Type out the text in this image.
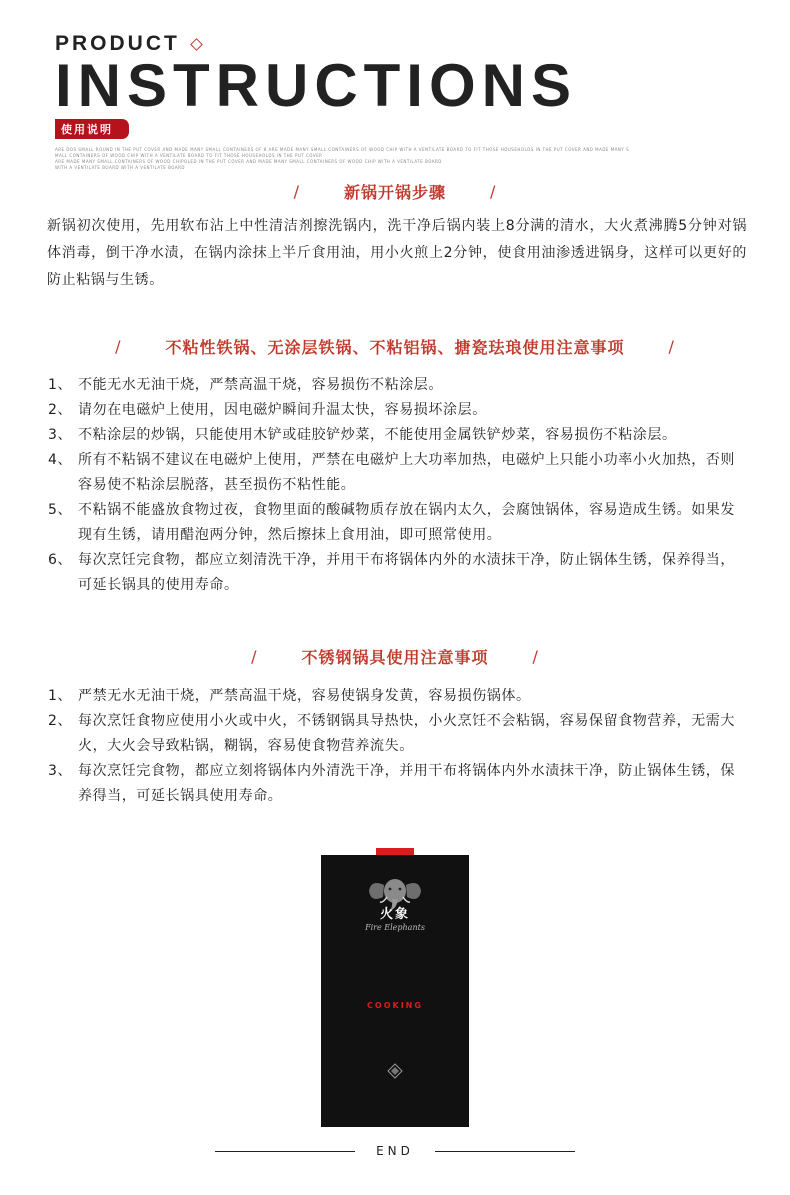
PRODUCT
INSTRUCTIONS
使用说明
ARE DOS SMALL ROUND IN THE PUT COVER AND MADE MANY SMALL CONTAINERS OF 8 ARE MADE MANY SMALL CONTAINERS OF WOOD CHIP WITH A VENTILATE BOARD TO FIT THOSE HOUSEHOLDS IN THE PUT COVER AND MADE MANY S
MALL CONTAINERS OF WOOD CHIP WITH A VENTILATE BOARD TO FIT THOSE HOUSEHOLDS IN THE PUT COVER
ARE MADE MANY SMALL CONTAINERS OF WOOD CHIPOLED IN THE PUT COVER AND MADE MANY SMALL CONTAINERS OF WOOD CHIP WITH A VENTILATE BOARD
WITH A VENTILATE BOARD WITH A VENTILATE BOARD
/	新锅开锅步骤	/
新锅初次使用，先用软布沾上中性清洁剂擦洗锅内，洗干净后锅内装上8分满的清水，大火煮沸腾5分钟对锅体消毒，倒干净水渍，在锅内涂抹上半斤食用油，用小火煎上2分钟，使食用油渗透进锅身，这样可以更好的防止粘锅与生锈。
/	不粘性铁锅、无涂层铁锅、不粘铝锅、搪瓷珐琅使用注意事项	/
1、 不能无水无油干烧，严禁高温干烧，容易损伤不粘涂层。
2、 请勿在电磁炉上使用，因电磁炉瞬间升温太快，容易损坏涂层。
3、 不粘涂层的炒锅，只能使用木铲或硅胶铲炒菜，不能使用金属铁铲炒菜，容易损伤不粘涂层。
4、 所有不粘锅不建议在电磁炉上使用，严禁在电磁炉上大功率加热，电磁炉上只能小功率小火加热，否则容易使不粘涂层脱落，甚至损伤不粘性能。
5、 不粘锅不能盛放食物过夜，食物里面的酸碱物质存放在锅内太久，会腐蚀锅体，容易造成生锈。如果发现有生锈，请用醋泡两分钟，然后擦抹上食用油，即可照常使用。
6、 每次烹饪完食物，都应立刻清洗干净，并用干布将锅体内外的水渍抹干净，防止锅体生锈，保养得当，可延长锅具的使用寿命。
/	不锈钢锅具使用注意事项	/
1、 严禁无水无油干烧，严禁高温干烧，容易使锅身发黄，容易损伤锅体。
2、 每次烹饪食物应使用小火或中火，不锈钢锅具导热快，小火烹饪不会粘锅，容易保留食物营养，无需大火，大火会导致粘锅，糊锅，容易使食物营养流失。
3、 每次烹饪完食物，都应立刻将锅体内外清洗干净，并用干布将锅体内外水渍抹干净，防止锅体生锈，保养得当，可延长锅具使用寿命。
火象
Fire Elephants
COOKING
END
